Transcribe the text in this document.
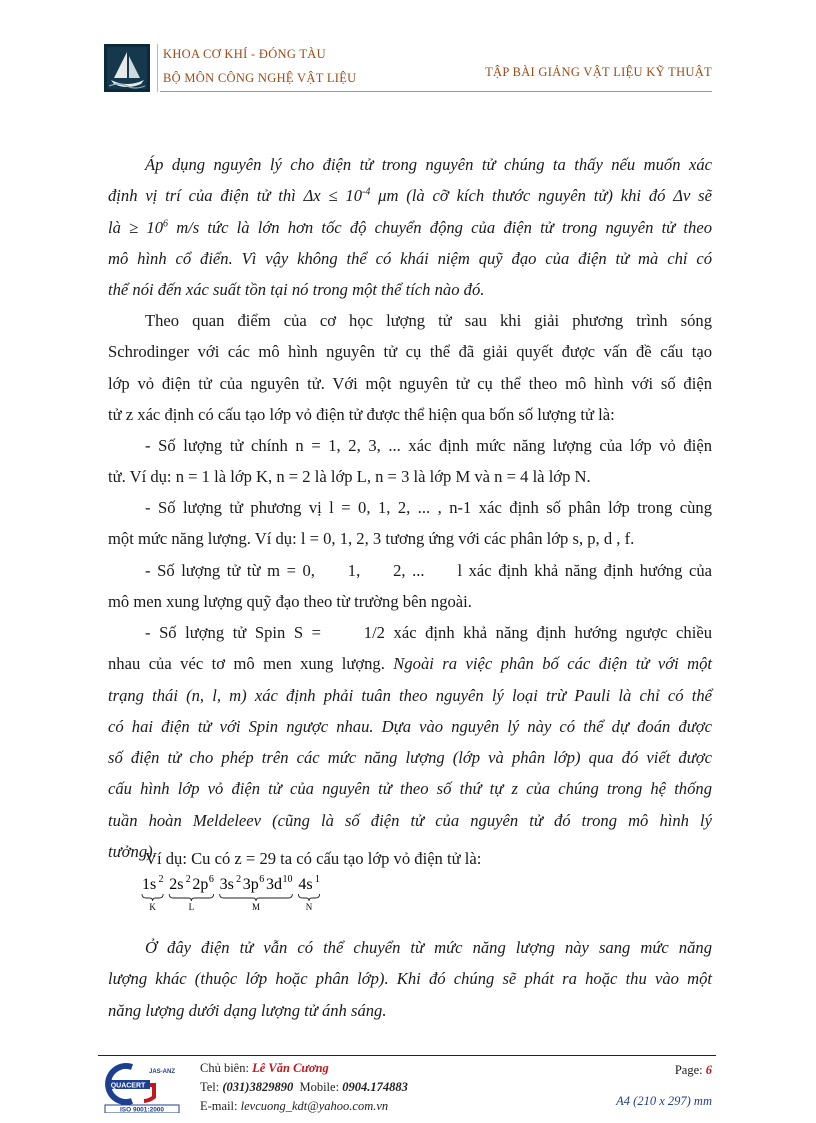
KHOA CƠ KHÍ - ĐÓNG TÀU
BỘ MÔN CÔNG NGHỆ VẬT LIỆU	TẬP BÀI GIẢNG VẬT LIỆU KỸ THUẬT
Áp dụng nguyên lý cho điện tử trong nguyên tử chúng ta thấy nếu muốn xác
định vị trí của điện tử thì $\Delta x \le 10^{-4}$ μm (là cỡ kích thước nguyên tử) khi đó Δv sẽ
là ≥ $10^6$ m/s tức là lớn hơn tốc độ chuyển động của điện tử trong nguyên tử theo
mô hình cổ điển. Vì vậy không thể có khái niệm quỹ đạo của điện tử mà chỉ có
thể nói đến xác suất tồn tại nó trong một thể tích nào đó.
Theo quan điểm của cơ học lượng tử sau khi giải phương trình sóng
Schrodinger với các mô hình nguyên tử cụ thể đã giải quyết được vấn đề cấu tạo
lớp vỏ điện tử của nguyên tử. Với một nguyên tử cụ thể theo mô hình với số điện
tử z xác định có cấu tạo lớp vỏ điện tử được thể hiện qua bốn số lượng tử là:
- Số lượng tử chính n = 1, 2, 3, ... xác định mức năng lượng của lớp vỏ điện
tử. Ví dụ: n = 1 là lớp K, n = 2 là lớp L, n = 3 là lớp M và n = 4 là lớp N.
- Số lượng tử phương vị l = 0, 1, 2, ... , n-1 xác định số phân lớp trong cùng
một mức năng lượng. Ví dụ: l = 0, 1, 2, 3 tương ứng với các phân lớp s, p, d , f.
- Số lượng tử từ m = 0,     1,     2, ...     l xác định khả năng định hướng của
mô men xung lượng quỹ đạo theo từ trường bên ngoài.
- Số lượng tử Spin S =     1/2 xác định khả năng định hướng ngược chiều
nhau của véc tơ mô men xung lượng. Ngoài ra việc phân bố các điện tử với một
trạng thái (n, l, m) xác định phải tuân theo nguyên lý loại trừ Pauli là chỉ có thể
có hai điện tử với Spin ngược nhau. Dựa vào nguyên lý này có thể dự đoán được
số điện tử cho phép trên các mức năng lượng (lớp và phân lớp) qua đó viết được
cấu hình lớp vỏ điện tử của nguyên tử theo số thứ tự z của chúng trong hệ thống
tuần hoàn Meldeleev (cũng là số điện tử của nguyên tử đó trong mô hình lý
tưởng).
Ví dụ: Cu có z = 29 ta có cấu tạo lớp vỏ điện tử là:
1s 2
K
2s 2 2p 6
L
3s 2 3p 6 3d 10
M
4s 1
N
Ở đây điện tử vẫn có thể chuyển từ mức năng lượng này sang mức năng
lượng khác (thuộc lớp hoặc phân lớp). Khi đó chúng sẽ phát ra hoặc thu vào một
năng lượng dưới dạng lượng tử ánh sáng.
QUACERT
JAS-ANZ
ISO 9001:2000
Chủ biên: Lê Văn Cương
Tel: (031)3829890  Mobile: 0904.174883
E-mail: levcuong_kdt@yahoo.com.vn
Page: 6
A4 (210 x 297) mm
